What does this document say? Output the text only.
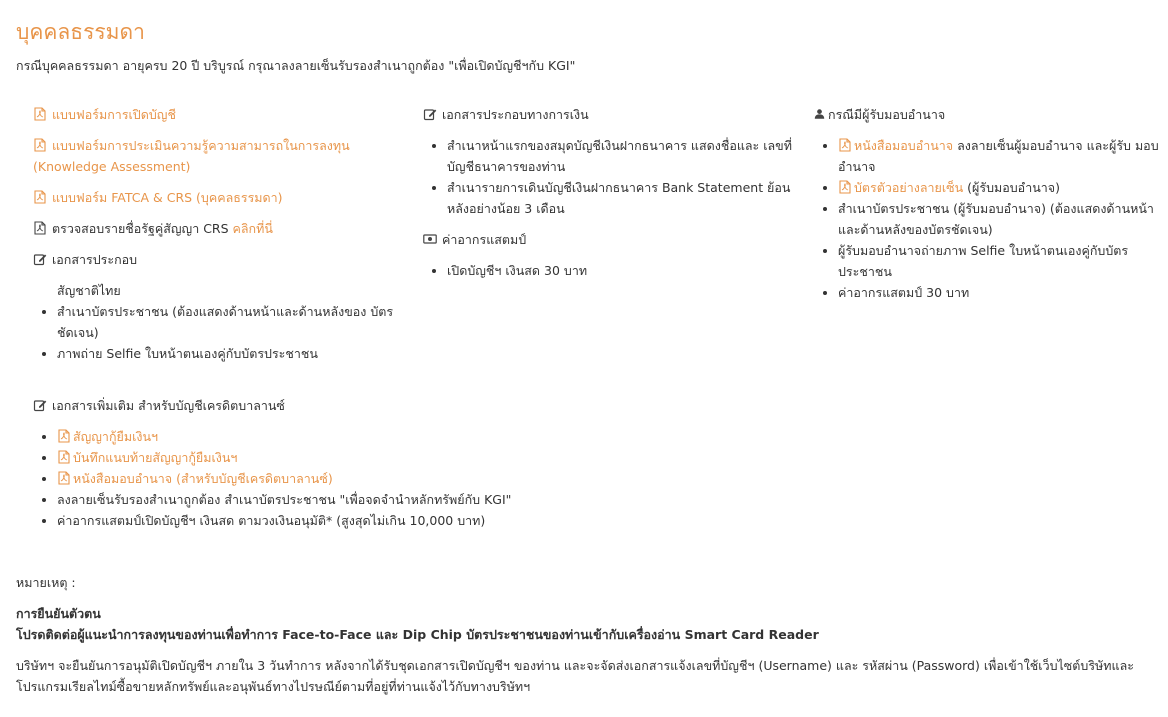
บุคคลธรรมดา
กรณีบุคคลธรรมดา อายุครบ 20 ปี บริบูรณ์ กรุณาลงลายเซ็นรับรองสำเนาถูกต้อง "เพื่อเปิดบัญชีฯกับ KGI"
แบบฟอร์มการเปิดบัญชี
แบบฟอร์มการประเมินความรู้ความสามารถในการลงทุน
(Knowledge Assessment)
แบบฟอร์ม FATCA & CRS (บุคคลธรรมดา)
ตรวจสอบรายชื่อรัฐคู่สัญญา CRS คลิกที่นี่
เอกสารประกอบ
สัญชาติไทย
• สำเนาบัตรประชาชน (ต้องแสดงด้านหน้าและด้านหลังของ บัตรชัดเจน)
• ภาพถ่าย Selfie ใบหน้าตนเองคู่กับบัตรประชาชน
เอกสารประกอบทางการเงิน
• สำเนาหน้าแรกของสมุดบัญชีเงินฝากธนาคาร แสดงชื่อและ เลขที่บัญชีธนาคารของท่าน
• สำเนารายการเดินบัญชีเงินฝากธนาคาร Bank Statement ย้อนหลังอย่างน้อย 3 เดือน
ค่าอากรแสตมป์
• เปิดบัญชีฯ เงินสด 30 บาท
กรณีมีผู้รับมอบอำนาจ
•
หนังสือมอบอำนาจ ลงลายเซ็นผู้มอบอำนาจ และผู้รับ มอบอำนาจ
•
บัตรตัวอย่างลายเซ็น (ผู้รับมอบอำนาจ)
• สำเนาบัตรประชาชน (ผู้รับมอบอำนาจ) (ต้องแสดงด้านหน้า และด้านหลังของบัตรชัดเจน)
• ผู้รับมอบอำนาจถ่ายภาพ Selfie ใบหน้าตนเองคู่กับบัตร ประชาชน
• ค่าอากรแสตมป์ 30 บาท
เอกสารเพิ่มเติม สำหรับบัญชีเครดิตบาลานซ์
•
สัญญากู้ยืมเงินฯ
•
บันทึกแนบท้ายสัญญากู้ยืมเงินฯ
•
หนังสือมอบอำนาจ (สำหรับบัญชีเครดิตบาลานซ์)
• ลงลายเซ็นรับรองสำเนาถูกต้อง สำเนาบัตรประชาชน "เพื่อจดจำนำหลักทรัพย์กับ KGI"
• ค่าอากรแสตมป์เปิดบัญชีฯ เงินสด ตามวงเงินอนุมัติ* (สูงสุดไม่เกิน 10,000 บาท)
หมายเหตุ :
การยืนยันตัวตน
โปรดติดต่อผู้แนะนำการลงทุนของท่านเพื่อทำการ Face-to-Face และ Dip Chip บัตรประชาชนของท่านเข้ากับเครื่องอ่าน Smart Card Reader
บริษัทฯ จะยืนยันการอนุมัติเปิดบัญชีฯ ภายใน 3 วันทำการ หลังจากได้รับชุดเอกสารเปิดบัญชีฯ ของท่าน และจะจัดส่งเอกสารแจ้งเลขที่บัญชีฯ (Username) และ รหัสผ่าน (Password) เพื่อเข้าใช้เว็บไซต์บริษัทและ
โปรแกรมเรียลไทม์ซื้อขายหลักทรัพย์และอนุพันธ์ทางไปรษณีย์ตามที่อยู่ที่ท่านแจ้งไว้กับทางบริษัทฯ
